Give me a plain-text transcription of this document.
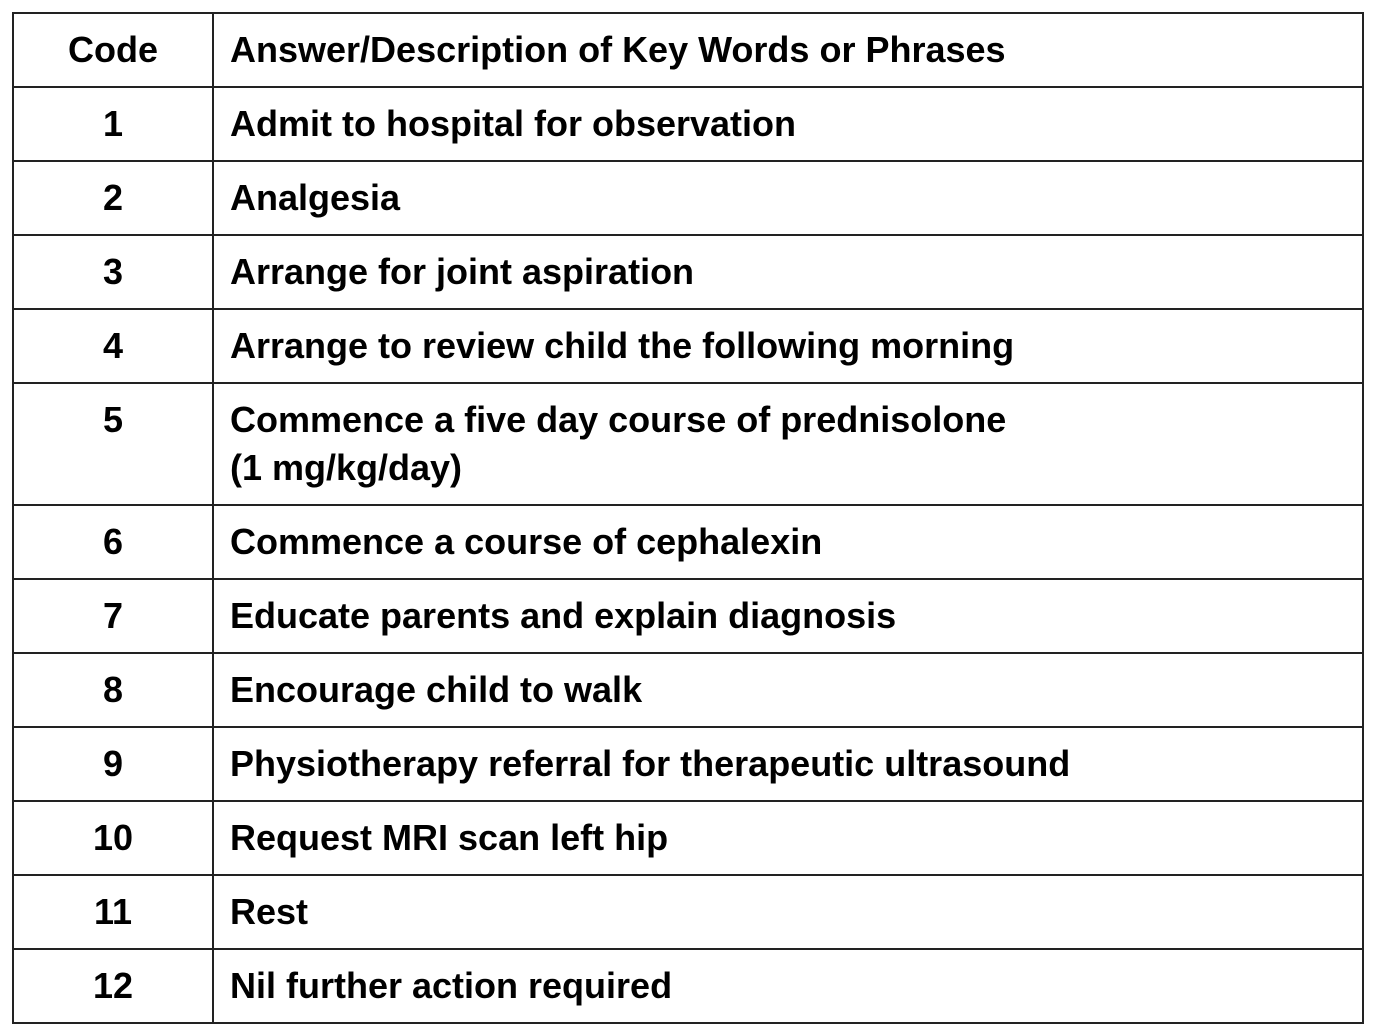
Code	Answer/Description of Key Words or Phrases
1	Admit to hospital for observation

2	Analgesia

3	Arrange for joint aspiration

4	Arrange to review child the following morning

5	Commence a five day course of prednisolone
(1 mg/kg/day)

6	Commence a course of cephalexin

7	Educate parents and explain diagnosis

8	Encourage child to walk

9	Physiotherapy referral for therapeutic ultrasound

10	Request MRI scan left hip

11	Rest

12	Nil further action required
